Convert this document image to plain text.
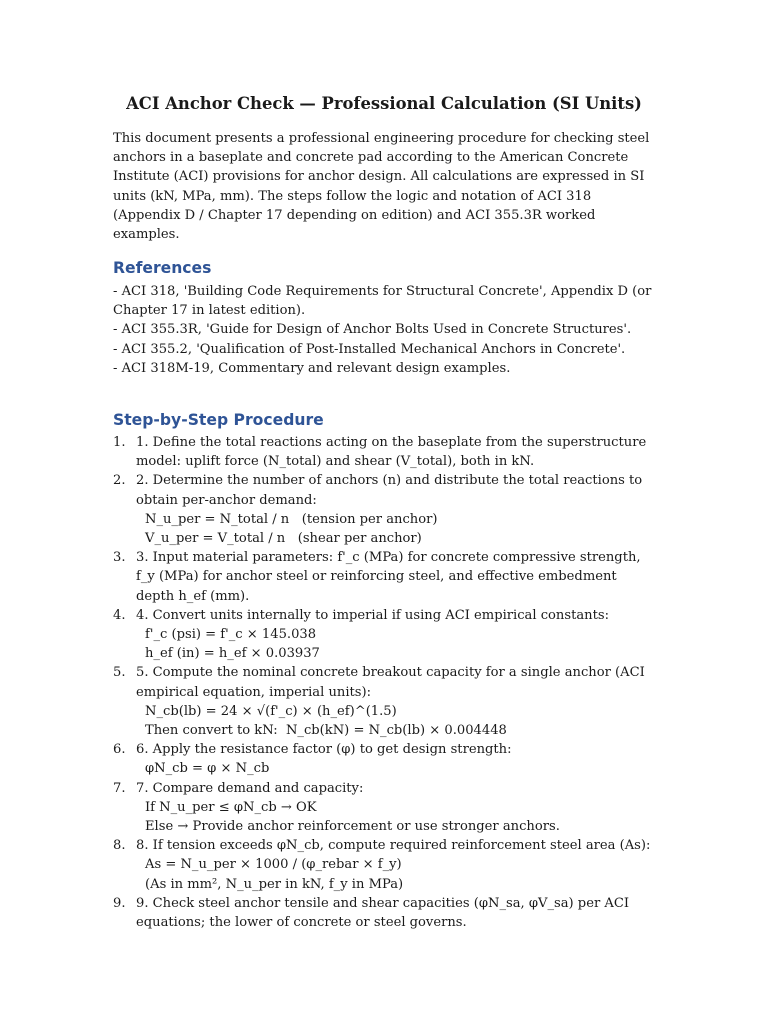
ACI Anchor Check — Professional Calculation (SI Units)

This document presents a professional engineering procedure for checking steel anchors in a baseplate and concrete pad according to the American Concrete Institute (ACI) provisions for anchor design. All calculations are expressed in SI units (kN, MPa, mm). The steps follow the logic and notation of ACI 318 (Appendix D / Chapter 17 depending on edition) and ACI 355.3R worked examples.

References
- ACI 318, 'Building Code Requirements for Structural Concrete', Appendix D (or Chapter 17 in latest edition).
- ACI 355.3R, 'Guide for Design of Anchor Bolts Used in Concrete Structures'.
- ACI 355.2, 'Qualification of Post-Installed Mechanical Anchors in Concrete'.
- ACI 318M-19, Commentary and relevant design examples.
Step-by-Step Procedure
1. 1. Define the total reactions acting on the baseplate from the superstructure model: uplift force (N_total) and shear (V_total), both in kN.
2. 2. Determine the number of anchors (n) and distribute the total reactions to obtain per-anchor demand:
N_u_per = N_total / n   (tension per anchor)
V_u_per = V_total / n   (shear per anchor)
3. 3. Input material parameters: f'_c (MPa) for concrete compressive strength, f_y (MPa) for anchor steel or reinforcing steel, and effective embedment depth h_ef (mm).
4. 4. Convert units internally to imperial if using ACI empirical constants:
f'_c (psi) = f'_c × 145.038
h_ef (in) = h_ef × 0.03937
5. 5. Compute the nominal concrete breakout capacity for a single anchor (ACI empirical equation, imperial units):
N_cb(lb) = 24 × √(f'_c) × (h_ef)^(1.5)
Then convert to kN:  N_cb(kN) = N_cb(lb) × 0.004448
6. 6. Apply the resistance factor (φ) to get design strength:
φN_cb = φ × N_cb
7. 7. Compare demand and capacity:
If N_u_per ≤ φN_cb → OK
Else → Provide anchor reinforcement or use stronger anchors.
8. 8. If tension exceeds φN_cb, compute required reinforcement steel area (As):
As = N_u_per × 1000 / (φ_rebar × f_y)
(As in mm², N_u_per in kN, f_y in MPa)
9. 9. Check steel anchor tensile and shear capacities (φN_sa, φV_sa) per ACI equations; the lower of concrete or steel governs.
